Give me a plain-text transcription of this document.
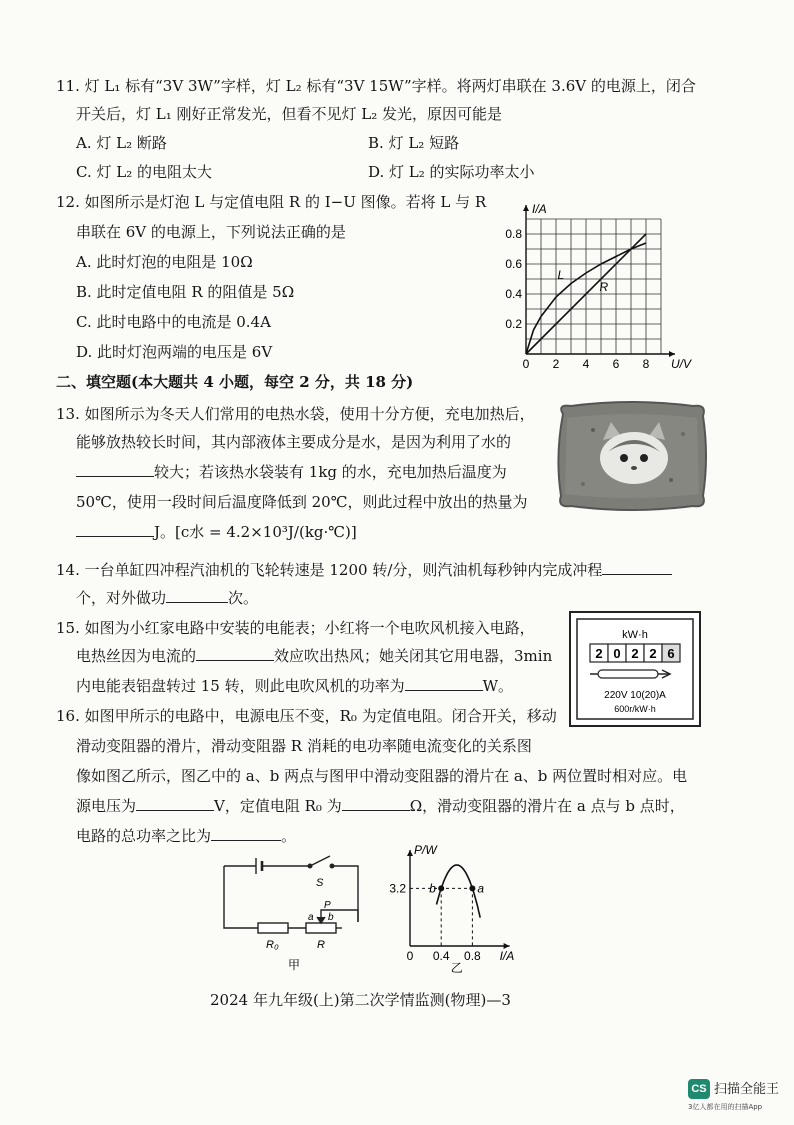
11. 灯 L₁ 标有“3V 3W”字样，灯 L₂ 标有“3V 15W”字样。将两灯串联在 3.6V 的电源上，闭合
开关后，灯 L₁ 刚好正常发光，但看不见灯 L₂ 发光，原因可能是
A. 灯 L₂ 断路	B. 灯 L₂ 短路
C. 灯 L₂ 的电阻太大	D. 灯 L₂ 的实际功率太小
12. 如图所示是灯泡 L 与定值电阻 R 的 I−U 图像。若将 L 与 R
串联在 6V 的电源上，下列说法正确的是
A. 此时灯泡的电阻是 10Ω
B. 此时定值电阻 R 的阻值是 5Ω
C. 此时电路中的电流是 0.4A
D. 此时灯泡两端的电压是 6V
0 2 4 6 8
0.2
0.4
0.6
0.8
U/V
I/A
L
R
二、填空题(本大题共 4 小题，每空 2 分，共 18 分)
13. 如图所示为冬天人们常用的电热水袋，使用十分方便，充电加热后，
能够放热较长时间，其内部液体主要成分是水，是因为利用了水的
较大；若该热水袋装有 1kg 的水，充电加热后温度为
50℃，使用一段时间后温度降低到 20℃，则此过程中放出的热量为
J。[c水 = 4.2×10³J/(kg·℃)]
14. 一台单缸四冲程汽油机的飞轮转速是 1200 转/分，则汽油机每秒钟内完成冲程
个，对外做功	次。
15. 如图为小红家电路中安装的电能表；小红将一个电吹风机接入电路，
电热丝因为电流的	效应吹出热风；她关闭其它用电器，3min
内电能表铝盘转过 15 转，则此电吹风机的功率为	W。
kW·h
2 0 2 2 6
220V 10(20)A
600r/kW·h
16. 如图甲所示的电路中，电源电压不变，R₀ 为定值电阻。闭合开关，移动
滑动变阻器的滑片，滑动变阻器 R 消耗的电功率随电流变化的关系图
像如图乙所示，图乙中的 a、b 两点与图甲中滑动变阻器的滑片在 a、b 两位置时相对应。电
源电压为	V，定值电阻 R₀ 为	Ω，滑动变阻器的滑片在 a 点与 b 点时，
电路的总功率之比为	。
S
R₀	R
P
a b
甲
b	a
0 0.4 0.8
3.2
I/A
P/W
乙
2024 年九年级(上)第二次学情监测(物理)—3
CS 扫描全能王
3亿人都在用的扫描App
